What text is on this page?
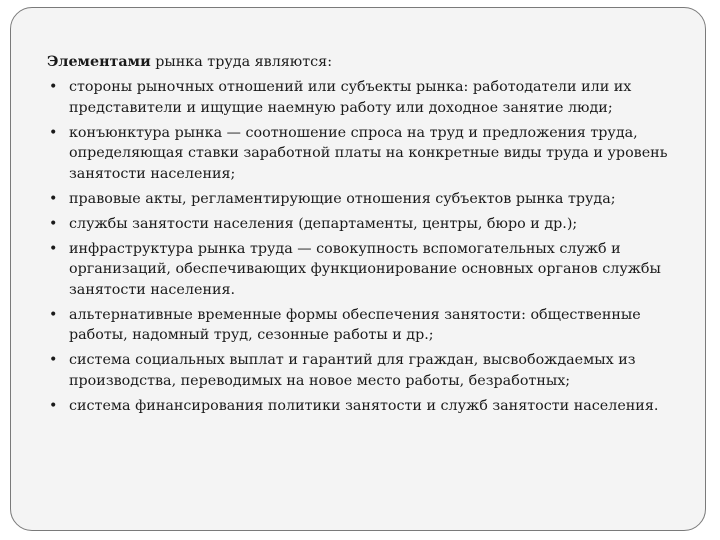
Элементами рынка труда являются:

• стороны рыночных отношений или субъекты рынка: работодатели или их представители и ищущие наемную работу или доходное занятие люди;
• конъюнктура рынка — соотношение спроса на труд и предложения труда, определяющая ставки заработной платы на конкретные виды труда и уровень занятости населения;
• правовые акты, регламентирующие отношения субъектов рынка труда;
• службы занятости населения (департаменты, центры, бюро и др.);
• инфраструктура рынка труда — совокупность вспомогательных служб и организаций, обеспечивающих функционирование основных органов службы занятости населения.
• альтернативные временные формы обеспечения занятости: общественные работы, надомный труд, сезонные работы и др.;
• система социальных выплат и гарантий для граждан, высвобождаемых из производства, переводимых на новое место работы, безработных;
• система финансирования политики занятости и служб занятости населения.
